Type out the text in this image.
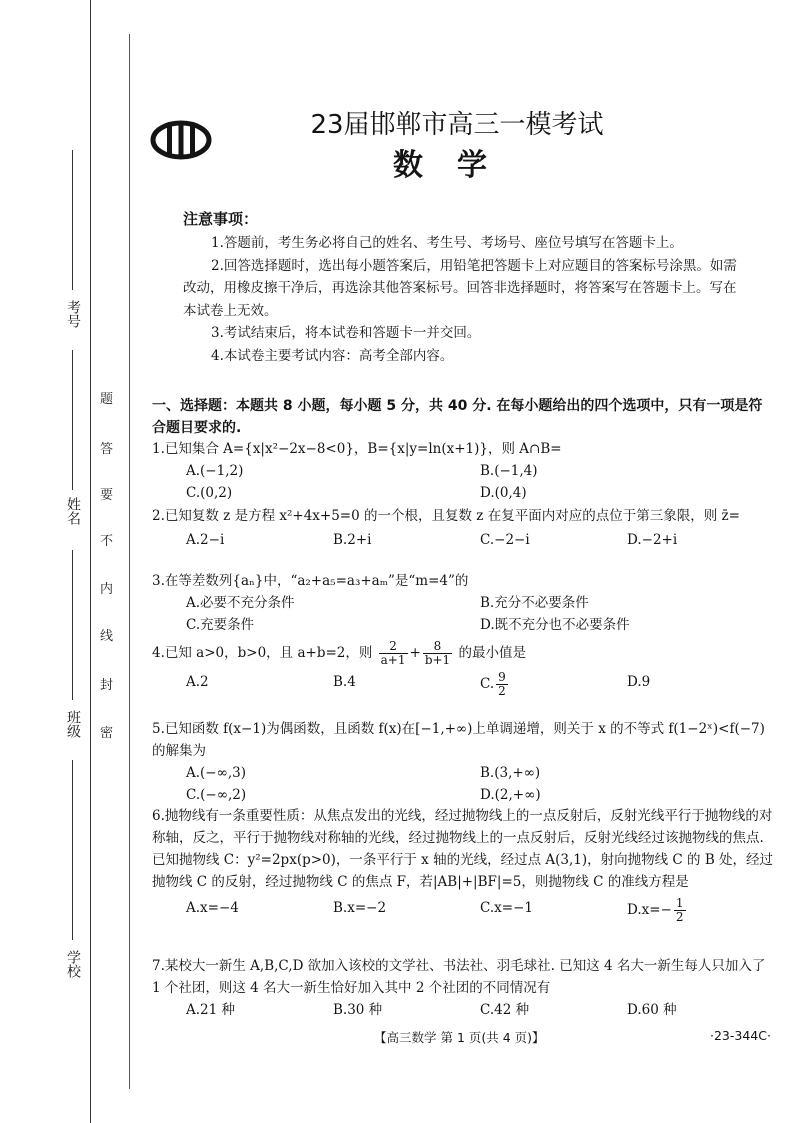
考号
姓名
班级
学校
题
答
要
不
内
线
封
密
23届邯郸市高三一模考试
数学
注意事项：

1.答题前，考生务必将自己的姓名、考生号、考场号、座位号填写在答题卡上。

2.回答选择题时，选出每小题答案后，用铅笔把答题卡上对应题目的答案标号涂黑。如需改动，用橡皮擦干净后，再选涂其他答案标号。回答非选择题时，将答案写在答题卡上。写在本试卷上无效。

3.考试结束后，将本试卷和答题卡一并交回。

4.本试卷主要考试内容：高考全部内容。

一、选择题：本题共 8 小题，每小题 5 分，共 40 分. 在每小题给出的四个选项中，只有一项是符合题目要求的.

1.已知集合 A={x|x²−2x−8<0}，B={x|y=ln(x+1)}，则 A∩B=

A.(−1,2)	B.(−1,4)
C.(0,2)	D.(0,4)

2.已知复数 z 是方程 x²+4x+5=0 的一个根，且复数 z 在复平面内对应的点位于第三象限，则 z̄=

A.2−i	B.2+i	C.−2−i	D.−2+i

3.在等差数列{aₙ}中，“a₂+a₅=a₃+aₘ”是“m=4”的

A.必要不充分条件	B.充分不必要条件
C.充要条件	D.既不充分也不必要条件

4.已知 a>0，b>0，且 a+b=2，则 $\frac{2}{a+1} + \frac{8}{b+1}$ 的最小值是

A.2	B.4	C. $\frac{9}{2}$	D.9

5.已知函数 f(x−1)为偶函数，且函数 f(x)在[−1,+∞)上单调递增，则关于 x 的不等式 f(1−2ˣ)<f(−7)的解集为

A.(−∞,3)	B.(3,+∞)
C.(−∞,2)	D.(2,+∞)

6.抛物线有一条重要性质：从焦点发出的光线，经过抛物线上的一点反射后，反射光线平行于抛物线的对称轴，反之，平行于抛物线对称轴的光线，经过抛物线上的一点反射后，反射光线经过该抛物线的焦点. 已知抛物线 C：y²=2px(p>0)，一条平行于 x 轴的光线，经过点 A(3,1)，射向抛物线 C 的 B 处，经过抛物线 C 的反射，经过抛物线 C 的焦点 F，若|AB|+|BF|=5，则抛物线 C 的准线方程是

A.x=−4	B.x=−2	C.x=−1	$D.x=- \frac{1}{2}$

7.某校大一新生 A,B,C,D 欲加入该校的文学社、书法社、羽毛球社. 已知这 4 名大一新生每人只加入了 1 个社团，则这 4 名大一新生恰好加入其中 2 个社团的不同情况有

A.21 种	B.30 种	C.42 种	D.60 种
【高三数学 第 1 页(共 4 页)】	·23-344C·
